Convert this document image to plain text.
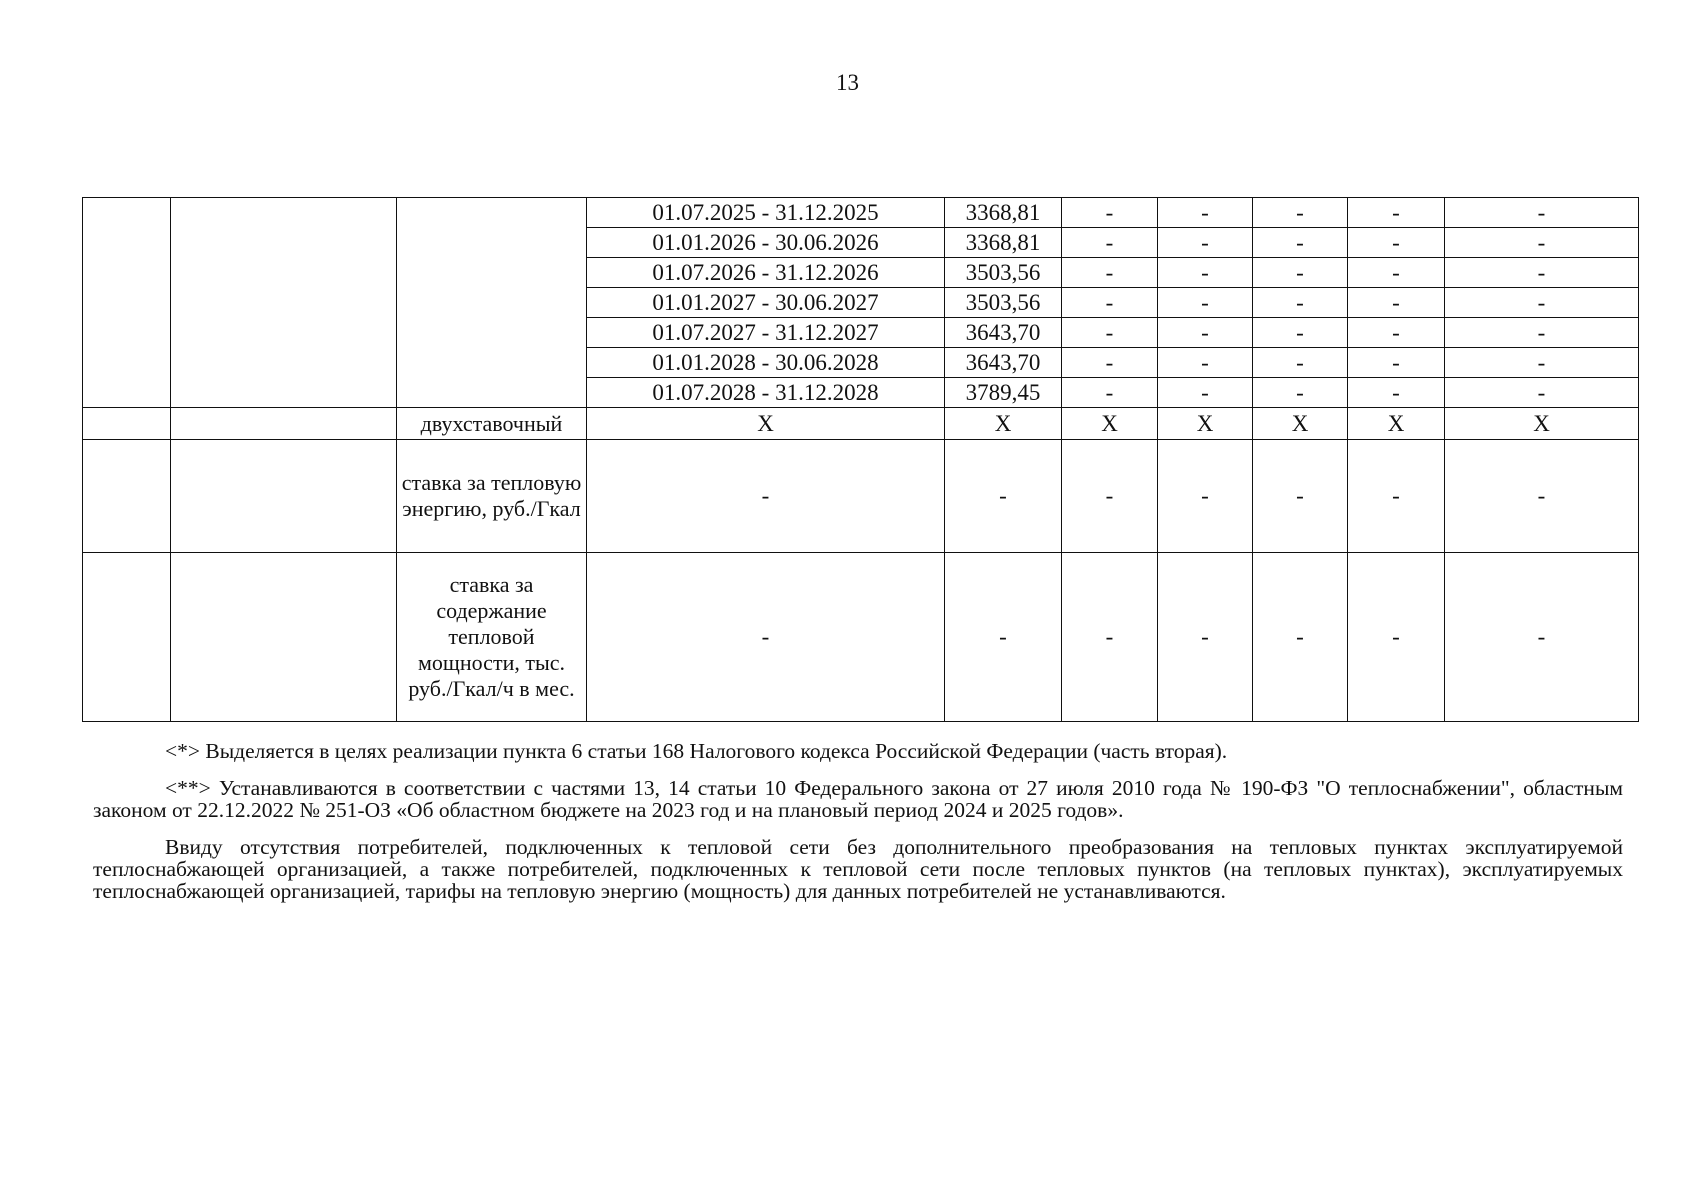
13
			01.07.2025 - 31.12.2025	3368,81	-	-	-	-	-
			01.01.2026 - 30.06.2026	3368,81	-	-	-	-	-
			01.07.2026 - 31.12.2026	3503,56	-	-	-	-	-
			01.01.2027 - 30.06.2027	3503,56	-	-	-	-	-
			01.07.2027 - 31.12.2027	3643,70	-	-	-	-	-
			01.01.2028 - 30.06.2028	3643,70	-	-	-	-	-
			01.07.2028 - 31.12.2028	3789,45	-	-	-	-	-
		двухставочный	X	X	X	X	X	X	X
		ставка за тепловую энергию, руб./Гкал	-	-	-	-	-	-	-
		ставка за содержание тепловой мощности, тыс. руб./Гкал/ч в мес.	-	-	-	-	-	-	-

<*> Выделяется в целях реализации пункта 6 статьи 168 Налогового кодекса Российской Федерации (часть вторая).

<**> Устанавливаются в соответствии с частями 13, 14 статьи 10 Федерального закона от 27 июля 2010 года № 190-ФЗ "О теплоснабжении", областным законом от 22.12.2022 № 251-ОЗ «Об областном бюджете на 2023 год и на плановый период 2024 и 2025 годов».

Ввиду отсутствия потребителей, подключенных к тепловой сети без дополнительного преобразования на тепловых пунктах эксплуатируемой теплоснабжающей организацией, а также потребителей, подключенных к тепловой сети после тепловых пунктов (на тепловых пунктах), эксплуатируемых теплоснабжающей организацией, тарифы на тепловую энергию (мощность) для данных потребителей не устанавливаются.
